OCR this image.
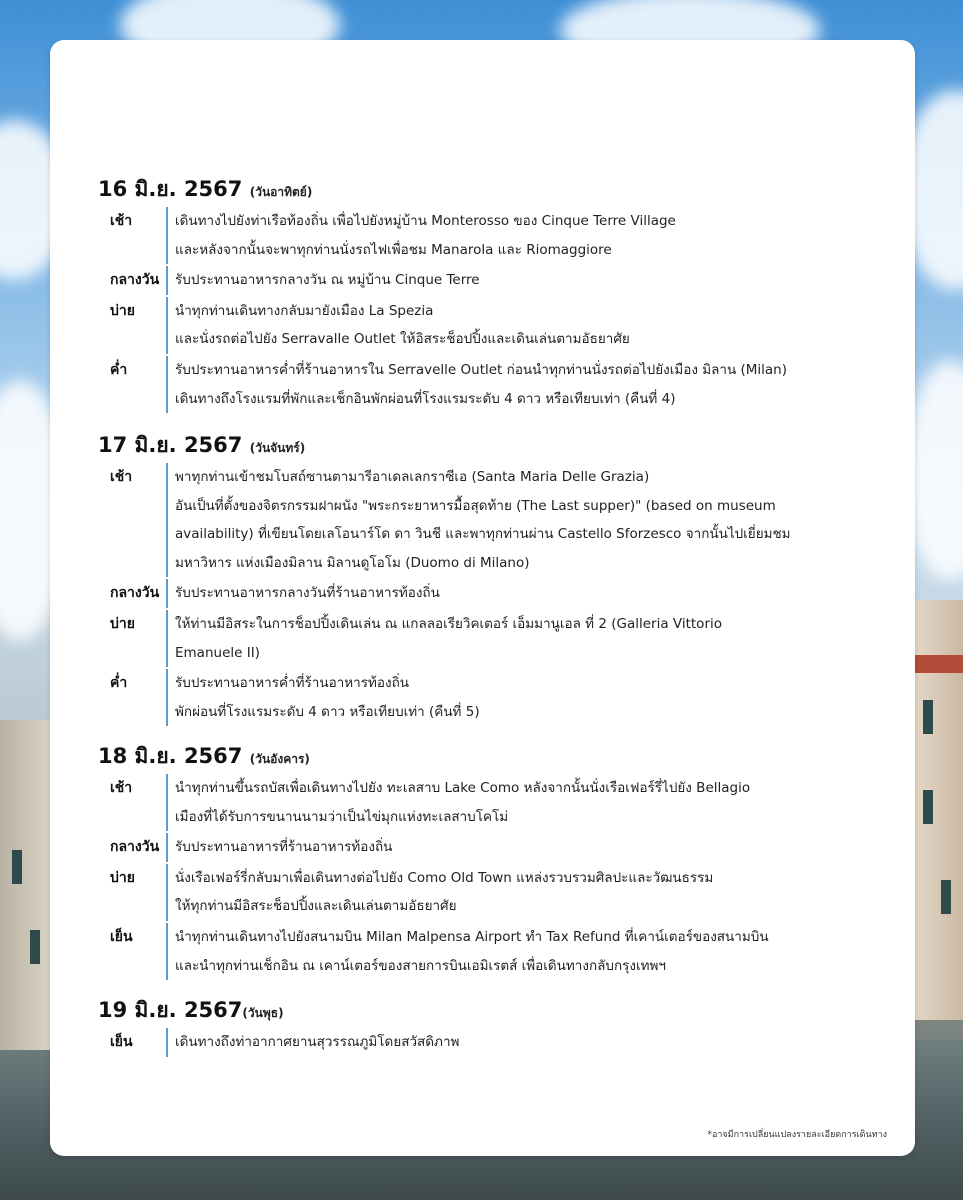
16 มิ.ย. 2567 (วันอาทิตย์)
เช้า	เดินทางไปยังท่าเรือท้องถิ่น เพื่อไปยังหมู่บ้าน Monterosso ของ Cinque Terre Village
และหลังจากนั้นจะพาทุกท่านนั่งรถไฟเพื่อชม Manarola และ Riomaggiore
กลางวัน	รับประทานอาหารกลางวัน ณ หมู่บ้าน Cinque Terre
บ่าย	นำทุกท่านเดินทางกลับมายังเมือง La Spezia
และนั่งรถต่อไปยัง Serravalle Outlet ให้อิสระช็อปปิ้งและเดินเล่นตามอัธยาศัย
ค่ำ	รับประทานอาหารค่ำที่ร้านอาหารใน Serravelle Outlet ก่อนนำทุกท่านนั่งรถต่อไปยังเมือง มิลาน (Milan)
เดินทางถึงโรงแรมที่พักและเช็กอินพักผ่อนที่โรงแรมระดับ 4 ดาว หรือเทียบเท่า (คืนที่ 4)
17 มิ.ย. 2567 (วันจันทร์)
เช้า	พาทุกท่านเข้าชมโบสถ์ซานตามารีอาเดลเลกราซีเอ (Santa Maria Delle Grazia)
อันเป็นที่ตั้งของจิตรกรรมฝาผนัง "พระกระยาหารมื้อสุดท้าย (The Last supper)" (based on museum
availability) ที่เขียนโดยเลโอนาร์โด ดา วินชี และพาทุกท่านผ่าน Castello Sforzesco จากนั้นไปเยี่ยมชม
มหาวิหาร แห่งเมืองมิลาน มิลานดูโอโม (Duomo di Milano)
กลางวัน	รับประทานอาหารกลางวันที่ร้านอาหารท้องถิ่น
บ่าย	ให้ท่านมีอิสระในการช็อปปิ้งเดินเล่น ณ แกลลอเรียวิคเตอร์ เอ็มมานูเอล ที่ 2 (Galleria Vittorio
Emanuele II)
ค่ำ	รับประทานอาหารค่ำที่ร้านอาหารท้องถิ่น
พักผ่อนที่โรงแรมระดับ 4 ดาว หรือเทียบเท่า (คืนที่ 5)
18 มิ.ย. 2567 (วันอังคาร)
เช้า	นำทุกท่านขึ้นรถบัสเพื่อเดินทางไปยัง ทะเลสาบ Lake Como หลังจากนั้นนั่งเรือเฟอร์รี่ไปยัง Bellagio
เมืองที่ได้รับการขนานนามว่าเป็นไข่มุกแห่งทะเลสาบโคโม่
กลางวัน	รับประทานอาหารที่ร้านอาหารท้องถิ่น
บ่าย	นั่งเรือเฟอร์รี่กลับมาเพื่อเดินทางต่อไปยัง Como Old Town แหล่งรวบรวมศิลปะและวัฒนธรรม
ให้ทุกท่านมีอิสระช็อปปิ้งและเดินเล่นตามอัธยาศัย
เย็น	นำทุกท่านเดินทางไปยังสนามบิน Milan Malpensa Airport ทำ Tax Refund ที่เคาน์เตอร์ของสนามบิน
และนำทุกท่านเช็กอิน ณ เคาน์เตอร์ของสายการบินเอมิเรตส์ เพื่อเดินทางกลับกรุงเทพฯ
19 มิ.ย. 2567(วันพุธ)
เย็น	เดินทางถึงท่าอากาศยานสุวรรณภูมิโดยสวัสดิภาพ
*อาจมีการเปลี่ยนแปลงรายละเอียดการเดินทาง
